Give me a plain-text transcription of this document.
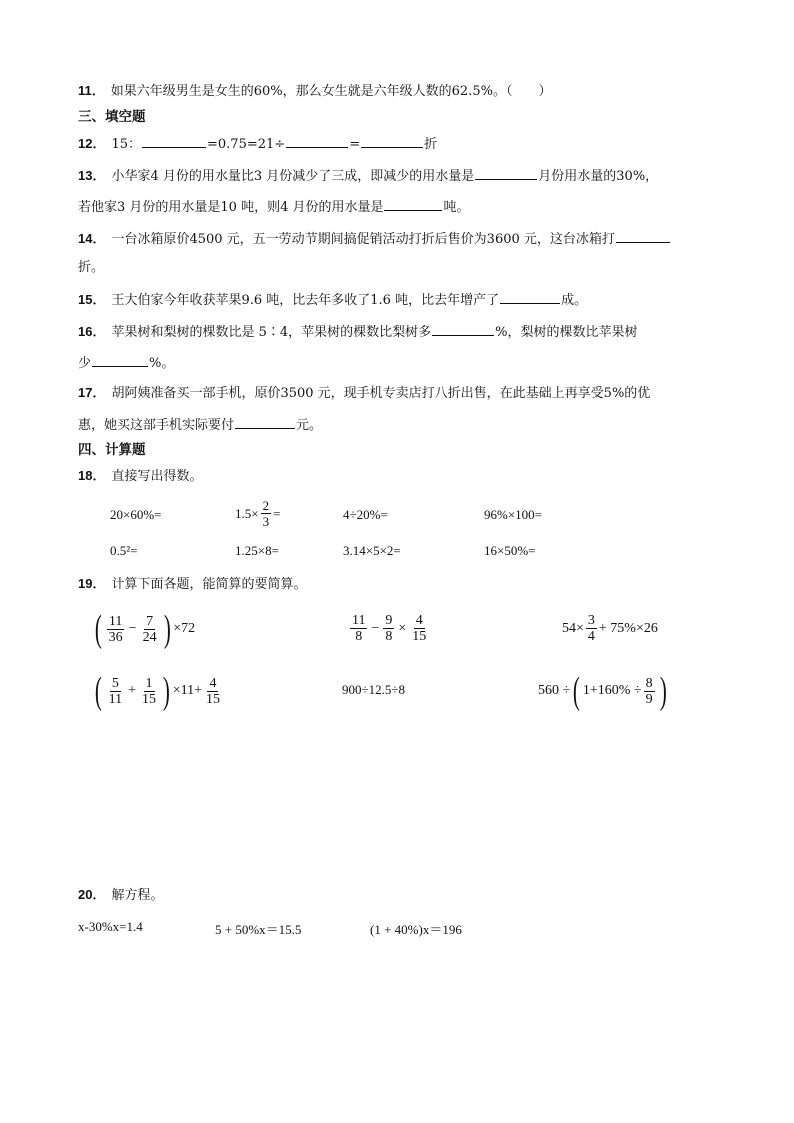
11． 如果六年级男生是女生的60%，那么女生就是六年级人数的62.5%。（　　）
三、填空题
12． 15：	=0.75=21÷	=	折
13． 小华家4 月份的用水量比3 月份减少了三成，即减少的用水量是	月份用水量的30%，
若他家3 月份的用水量是10 吨，则4 月份的用水量是	吨。
14． 一台冰箱原价4500 元，五一劳动节期间搞促销活动打折后售价为3600 元，这台冰箱打
折。
15． 王大伯家今年收获苹果9.6 吨，比去年多收了1.6 吨，比去年增产了	成。
16． 苹果树和梨树的棵数比是 5∶4，苹果树的棵数比梨树多	%，梨树的棵数比苹果树
少	%。
17． 胡阿姨准备买一部手机，原价3500 元，现手机专卖店打八折出售，在此基础上再享受5%的优
惠，她买这部手机实际要付	元。
四、计算题
18． 直接写出得数。
20×60%=	$1.5\times \frac{2}{3}$ =	4÷20%=	96%×100=
0.5²=	1.25×8=	3.14×5×2=	16×50%=
19． 计算下面各题，能简算的要简算。
( $\frac{11}{36} - \frac{7}{24}$ ) ×72	$\frac{11}{8} - \frac{9}{8} \times \frac{4}{15}$	$54\times \frac{3}{4} + 75\%\times 26$
( $\frac{5}{11} + \frac{1}{15}$ ) $\times 11+ \frac{4}{15}$	900÷12.5÷8	560 ÷ ( $1+160\% \div \frac{8}{9}$ )
20． 解方程。
x-30%x=1.4	5 + 50%x＝15.5	(1 + 40%)x＝196
